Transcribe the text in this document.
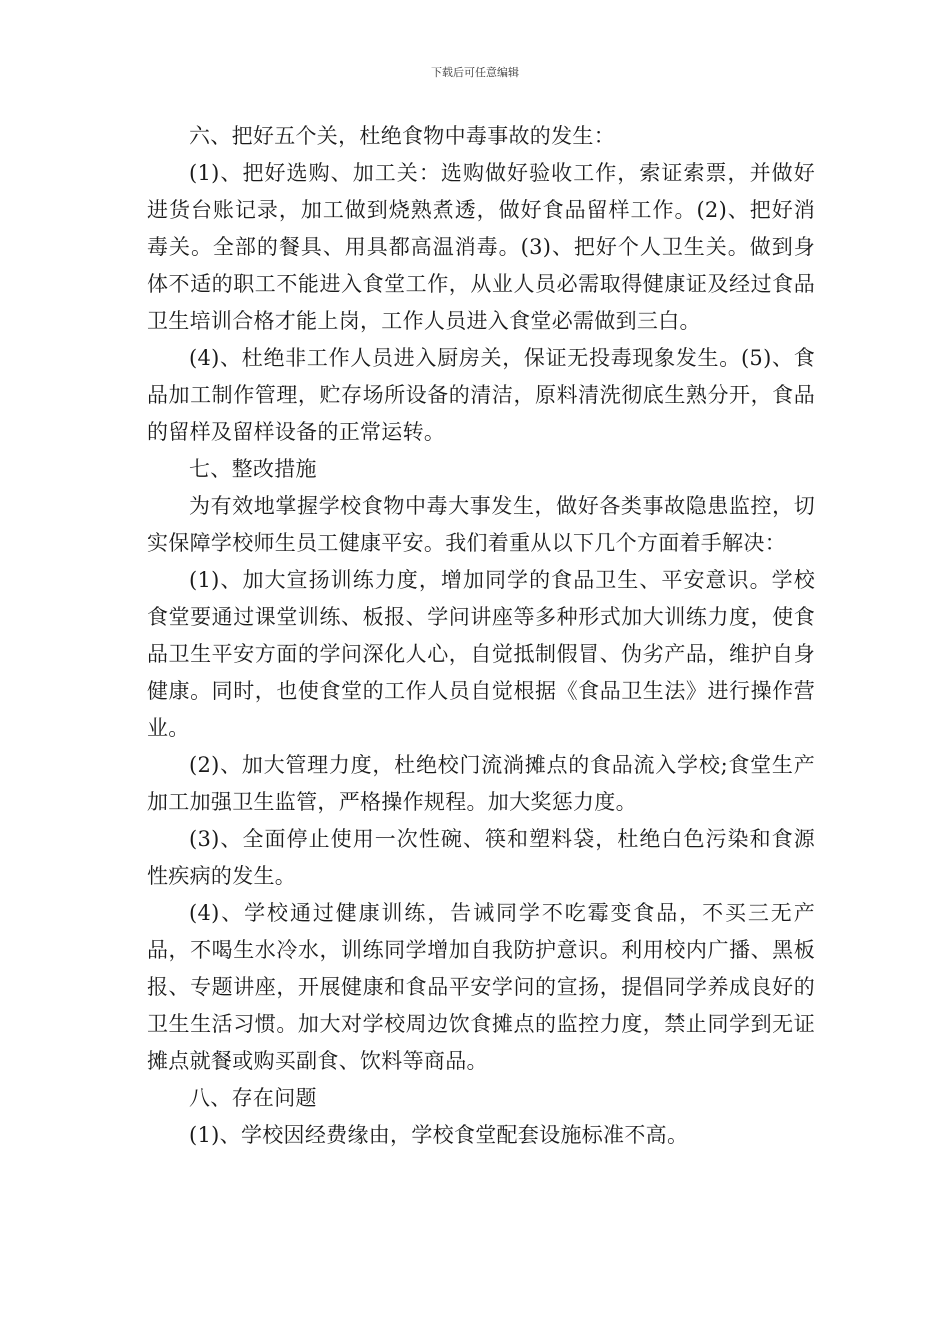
下载后可任意编辑

六、把好五个关，杜绝食物中毒事故的发生：

(1)、把好选购、加工关：选购做好验收工作，索证索票，并做好进货台账记录，加工做到烧熟煮透，做好食品留样工作。(2)、把好消毒关。全部的餐具、用具都高温消毒。(3)、把好个人卫生关。做到身体不适的职工不能进入食堂工作，从业人员必需取得健康证及经过食品卫生培训合格才能上岗，工作人员进入食堂必需做到三白。

(4)、杜绝非工作人员进入厨房关，保证无投毒现象发生。(5)、食品加工制作管理，贮存场所设备的清洁，原料清洗彻底生熟分开，食品的留样及留样设备的正常运转。

七、整改措施

为有效地掌握学校食物中毒大事发生，做好各类事故隐患监控，切实保障学校师生员工健康平安。我们着重从以下几个方面着手解决：

(1)、加大宣扬训练力度，增加同学的食品卫生、平安意识。学校食堂要通过课堂训练、板报、学问讲座等多种形式加大训练力度，使食品卫生平安方面的学问深化人心，自觉抵制假冒、伪劣产品，维护自身健康。同时，也使食堂的工作人员自觉根据《食品卫生法》进行操作营业。

(2)、加大管理力度，杜绝校门流淌摊点的食品流入学校;食堂生产加工加强卫生监管，严格操作规程。加大奖惩力度。

(3)、全面停止使用一次性碗、筷和塑料袋，杜绝白色污染和食源性疾病的发生。

(4)、学校通过健康训练，告诫同学不吃霉变食品，不买三无产品，不喝生水冷水，训练同学增加自我防护意识。利用校内广播、黑板报、专题讲座，开展健康和食品平安学问的宣扬，提倡同学养成良好的卫生生活习惯。加大对学校周边饮食摊点的监控力度，禁止同学到无证摊点就餐或购买副食、饮料等商品。

八、存在问题

(1)、学校因经费缘由，学校食堂配套设施标准不高。
